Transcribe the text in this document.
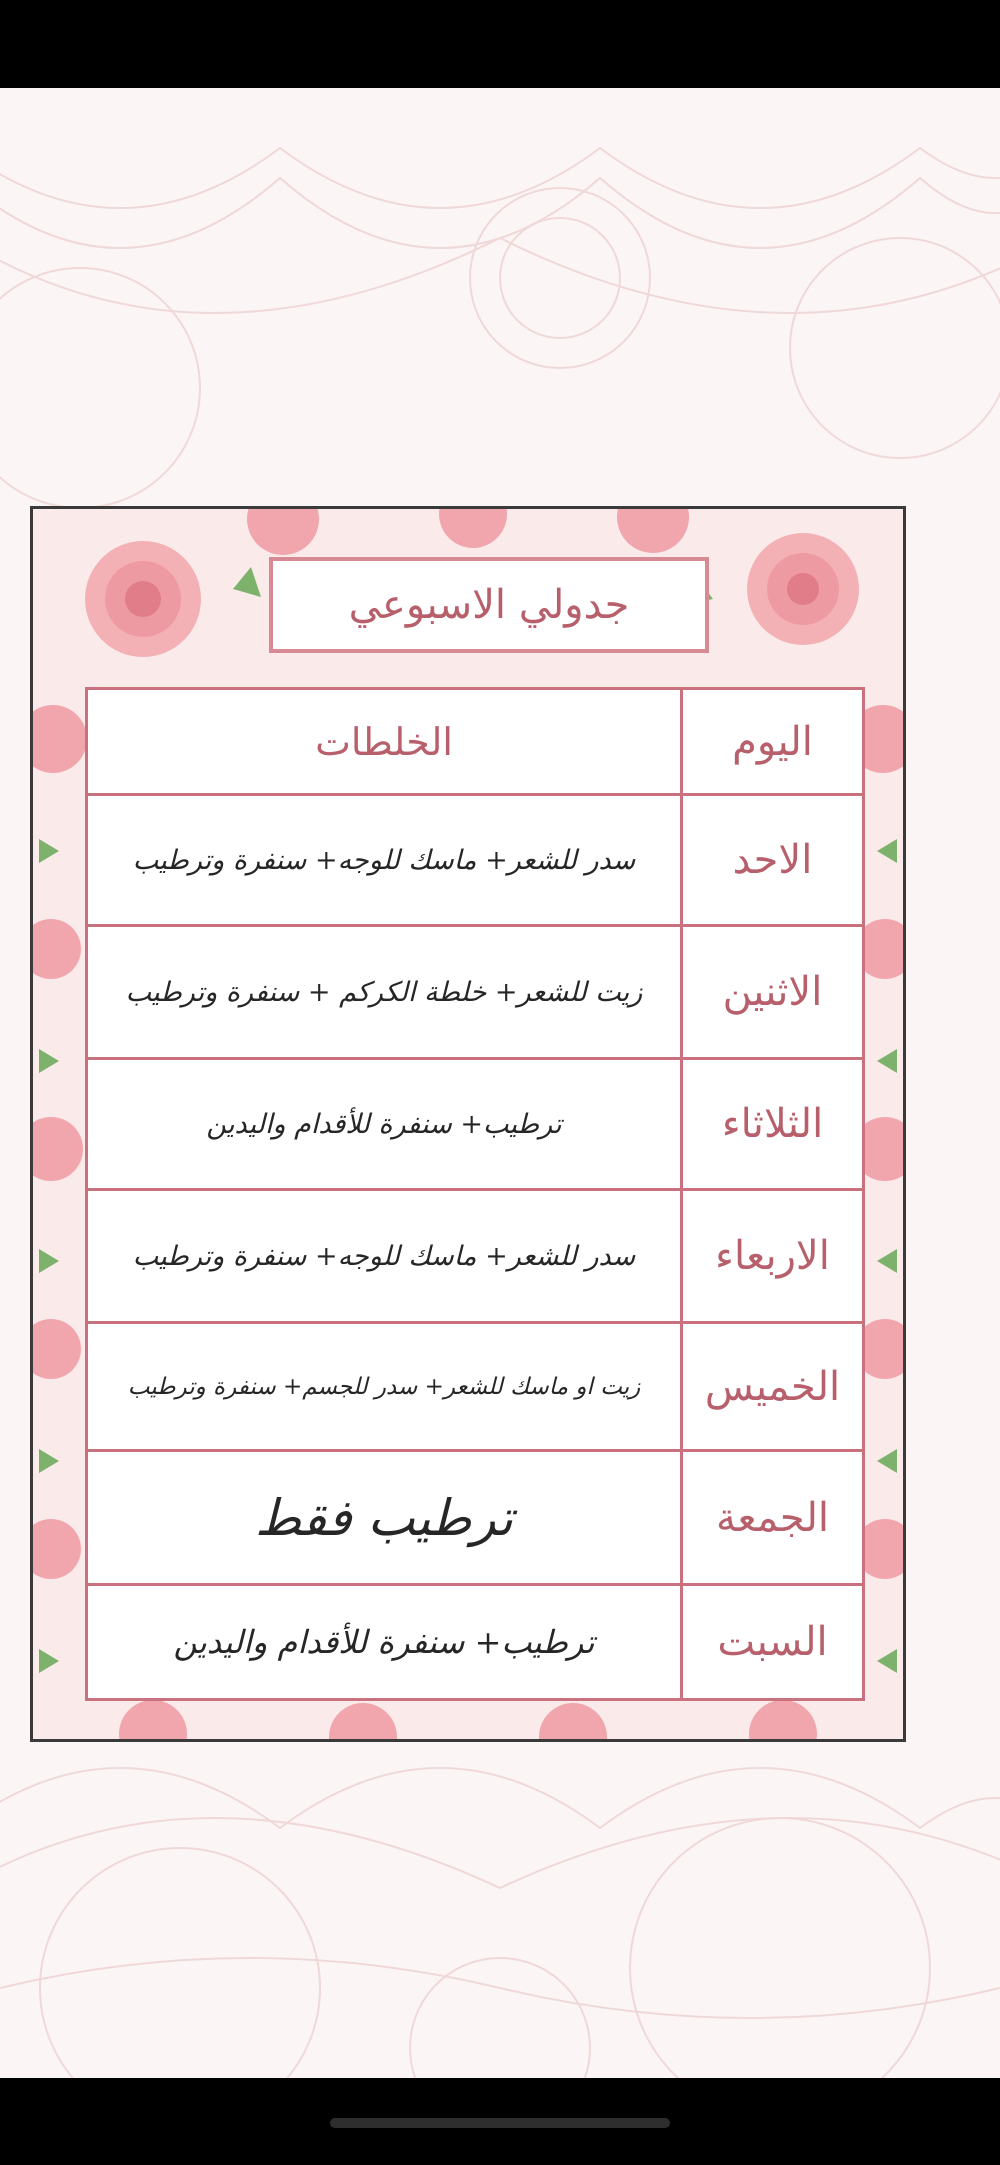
جدولي الاسبوعي
الخلطات	اليوم
سدر للشعر+ ماسك للوجه+ سنفرة وترطيب	الاحد
زيت للشعر+ خلطة الكركم + سنفرة وترطيب	الاثنين
ترطيب+ سنفرة للأقدام واليدين	الثلاثاء
سدر للشعر+ ماسك للوجه+ سنفرة وترطيب	الاربعاء
زيت او ماسك للشعر+ سدر للجسم+ سنفرة وترطيب	الخميس
ترطيب فقط	الجمعة
ترطيب+ سنفرة للأقدام واليدين	السبت
